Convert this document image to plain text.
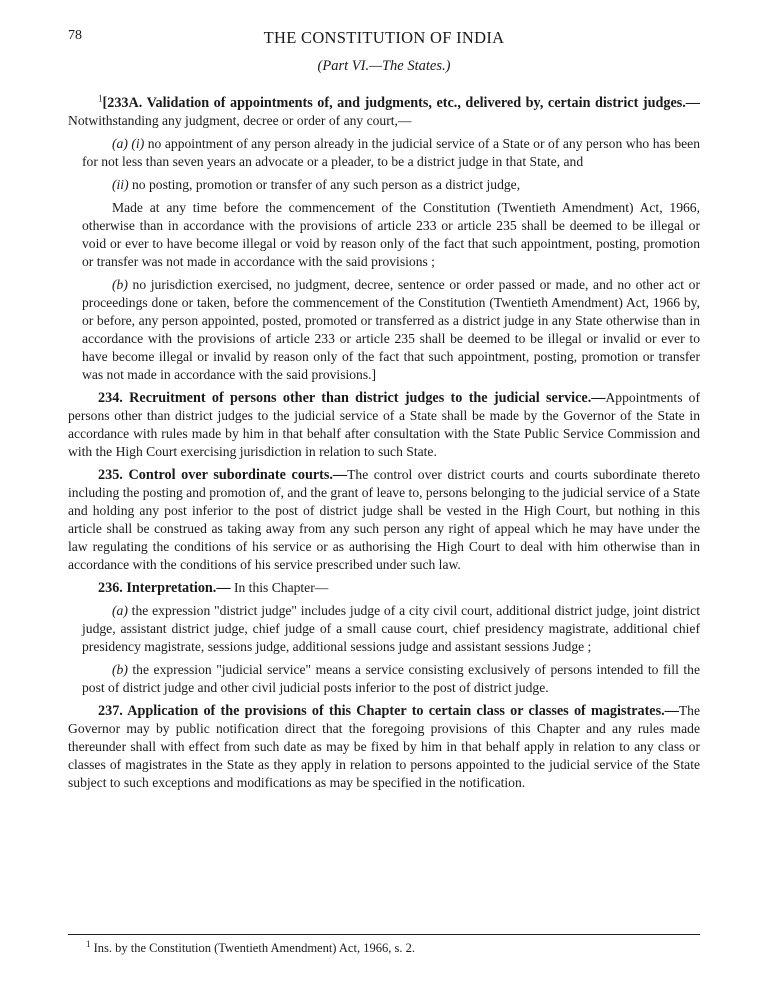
78	THE CONSTITUTION OF INDIA
(Part VI.—The States.)

$^1$[233A. Validation of appointments of, and judgments, etc., delivered by, certain district judges.—Notwithstanding any judgment, decree or order of any court,—

(a) (i) no appointment of any person already in the judicial service of a State or of any person who has been for not less than seven years an advocate or a pleader, to be a district judge in that State, and

(ii) no posting, promotion or transfer of any such person as a district judge,

Made at any time before the commencement of the Constitution (Twentieth Amendment) Act, 1966, otherwise than in accordance with the provisions of article 233 or article 235 shall be deemed to be illegal or void or ever to have become illegal or void by reason only of the fact that such appointment, posting, promotion or transfer was not made in accordance with the said provisions ;

(b) no jurisdiction exercised, no judgment, decree, sentence or order passed or made, and no other act or proceedings done or taken, before the commencement of the Constitution (Twentieth Amendment) Act, 1966 by, or before, any person appointed, posted, promoted or transferred as a district judge in any State otherwise than in accordance with the provisions of article 233 or article 235 shall be deemed to be illegal or invalid or ever to have become illegal or invalid by reason only of the fact that such appointment, posting, promotion or transfer was not made in accordance with the said provisions.]

234. Recruitment of persons other than district judges to the judicial service.—Appointments of persons other than district judges to the judicial service of a State shall be made by the Governor of the State in accordance with rules made by him in that behalf after consultation with the State Public Service Commission and with the High Court exercising jurisdiction in relation to such State.

235. Control over subordinate courts.—The control over district courts and courts subordinate thereto including the posting and promotion of, and the grant of leave to, persons belonging to the judicial service of a State and holding any post inferior to the post of district judge shall be vested in the High Court, but nothing in this article shall be construed as taking away from any such person any right of appeal which he may have under the law regulating the conditions of his service or as authorising the High Court to deal with him otherwise than in accordance with the conditions of his service prescribed under such law.

236. Interpretation.— In this Chapter—

(a) the expression "district judge" includes judge of a city civil court, additional district judge, joint district judge, assistant district judge, chief judge of a small cause court, chief presidency magistrate, additional chief presidency magistrate, sessions judge, additional sessions judge and assistant sessions Judge ;

(b) the expression "judicial service" means a service consisting exclusively of persons intended to fill the post of district judge and other civil judicial posts inferior to the post of district judge.

237. Application of the provisions of this Chapter to certain class or classes of magistrates.—The Governor may by public notification direct that the foregoing provisions of this Chapter and any rules made thereunder shall with effect from such date as may be fixed by him in that behalf apply in relation to any class or classes of magistrates in the State as they apply in relation to persons appointed to the judicial service of the State subject to such exceptions and modifications as may be specified in the notification.

$^1$ Ins. by the Constitution (Twentieth Amendment) Act, 1966, s. 2.
